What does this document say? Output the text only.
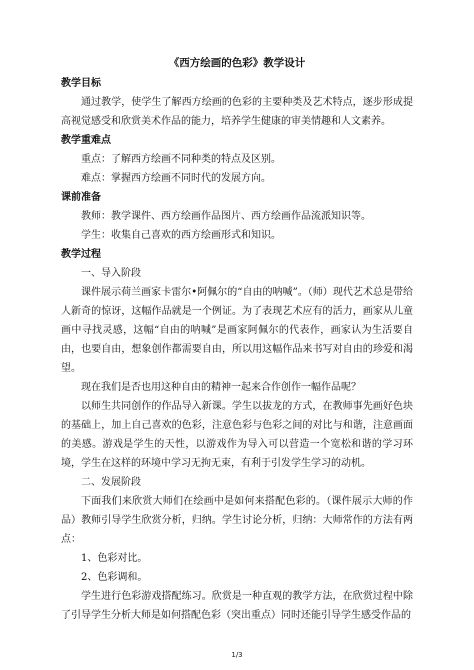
《西方绘画的色彩》教学设计
教学目标
通过教学，使学生了解西方绘画的色彩的主要种类及艺术特点，逐步形成提高视觉感受和欣赏美术作品的能力，培养学生健康的审美情趣和人文素养。
教学重难点
重点：了解西方绘画不同种类的特点及区别。
难点：掌握西方绘画不同时代的发展方向。
课前准备
教师：教学课件、西方绘画作品图片、西方绘画作品流派知识等。
学生：收集自己喜欢的西方绘画形式和知识。
教学过程
一、导入阶段
课件展示荷兰画家卡雷尔•阿佩尔的“自由的呐喊”。（师）现代艺术总是带给人新奇的惊讶，这幅作品就是一个例证。为了表现艺术应有的活力，画家从儿童画中寻找灵感，这幅“自由的呐喊”是画家阿佩尔的代表作，画家认为生活要自由，也要自由，想象创作都需要自由，所以用这幅作品来书写对自由的珍爱和渴望。
现在我们是否也用这种自由的精神一起来合作创作一幅作品呢？
以师生共同创作的作品导入新课。学生以拔龙的方式，在教师事先画好色块的基础上，加上自己喜欢的色彩，注意色彩与色彩之间的对比与和谐，注意画面的美感。游戏是学生的天性，以游戏作为导入可以营造一个宽松和谐的学习环境，学生在这样的环境中学习无拘无束，有利于引发学生学习的动机。
二、发展阶段
下面我们来欣赏大师们在绘画中是如何来搭配色彩的。（课件展示大师的作品）教师引导学生欣赏分析，归纳。学生讨论分析，归纳：大师常作的方法有两点：
1、色彩对比。
2、色彩调和。
学生进行色彩游戏搭配练习。欣赏是一种直观的教学方法，在欣赏过程中除了引导学生分析大师是如何搭配色彩（突出重点）同时还能引导学生感受作品的
1/3
